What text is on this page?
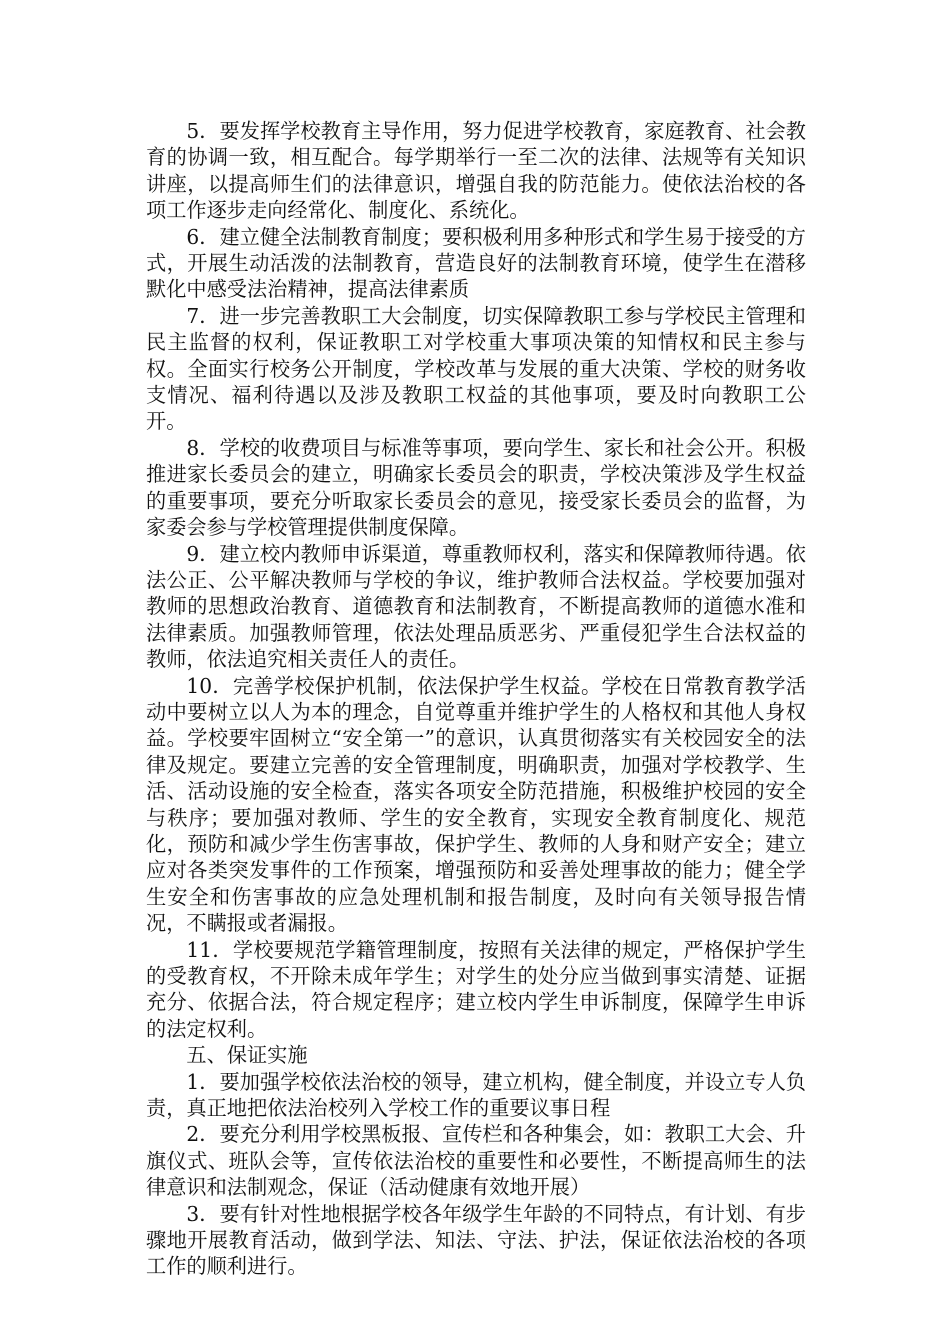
5．要发挥学校教育主导作用，努力促进学校教育，家庭教育、社会教育的协调一致，相互配合。每学期举行一至二次的法律、法规等有关知识讲座，以提高师生们的法律意识，增强自我的防范能力。使依法治校的各项工作逐步走向经常化、制度化、系统化。

6．建立健全法制教育制度；要积极利用多种形式和学生易于接受的方式，开展生动活泼的法制教育，营造良好的法制教育环境，使学生在潜移默化中感受法治精神，提高法律素质

7．进一步完善教职工大会制度，切实保障教职工参与学校民主管理和民主监督的权利，保证教职工对学校重大事项决策的知情权和民主参与权。全面实行校务公开制度，学校改革与发展的重大决策、学校的财务收支情况、福利待遇以及涉及教职工权益的其他事项，要及时向教职工公开。

8．学校的收费项目与标准等事项，要向学生、家长和社会公开。积极推进家长委员会的建立，明确家长委员会的职责，学校决策涉及学生权益的重要事项，要充分听取家长委员会的意见，接受家长委员会的监督，为家委会参与学校管理提供制度保障。

9．建立校内教师申诉渠道，尊重教师权利，落实和保障教师待遇。依法公正、公平解决教师与学校的争议，维护教师合法权益。学校要加强对教师的思想政治教育、道德教育和法制教育，不断提高教师的道德水准和法律素质。加强教师管理，依法处理品质恶劣、严重侵犯学生合法权益的教师，依法追究相关责任人的责任。

10．完善学校保护机制，依法保护学生权益。学校在日常教育教学活动中要树立以人为本的理念，自觉尊重并维护学生的人格权和其他人身权益。学校要牢固树立“安全第一”的意识，认真贯彻落实有关校园安全的法律及规定。要建立完善的安全管理制度，明确职责，加强对学校教学、生活、活动设施的安全检查，落实各项安全防范措施，积极维护校园的安全与秩序；要加强对教师、学生的安全教育，实现安全教育制度化、规范化，预防和减少学生伤害事故，保护学生、教师的人身和财产安全；建立应对各类突发事件的工作预案，增强预防和妥善处理事故的能力；健全学生安全和伤害事故的应急处理机制和报告制度，及时向有关领导报告情况，不瞒报或者漏报。

11．学校要规范学籍管理制度，按照有关法律的规定，严格保护学生的受教育权，不开除未成年学生；对学生的处分应当做到事实清楚、证据充分、依据合法，符合规定程序；建立校内学生申诉制度，保障学生申诉的法定权利。

五、保证实施

1．要加强学校依法治校的领导，建立机构，健全制度，并设立专人负责，真正地把依法治校列入学校工作的重要议事日程

2．要充分利用学校黑板报、宣传栏和各种集会，如：教职工大会、升旗仪式、班队会等，宣传依法治校的重要性和必要性，不断提高师生的法律意识和法制观念，保证（活动健康有效地开展）

3．要有针对性地根据学校各年级学生年龄的不同特点，有计划、有步骤地开展教育活动，做到学法、知法、守法、护法，保证依法治校的各项工作的顺利进行。
